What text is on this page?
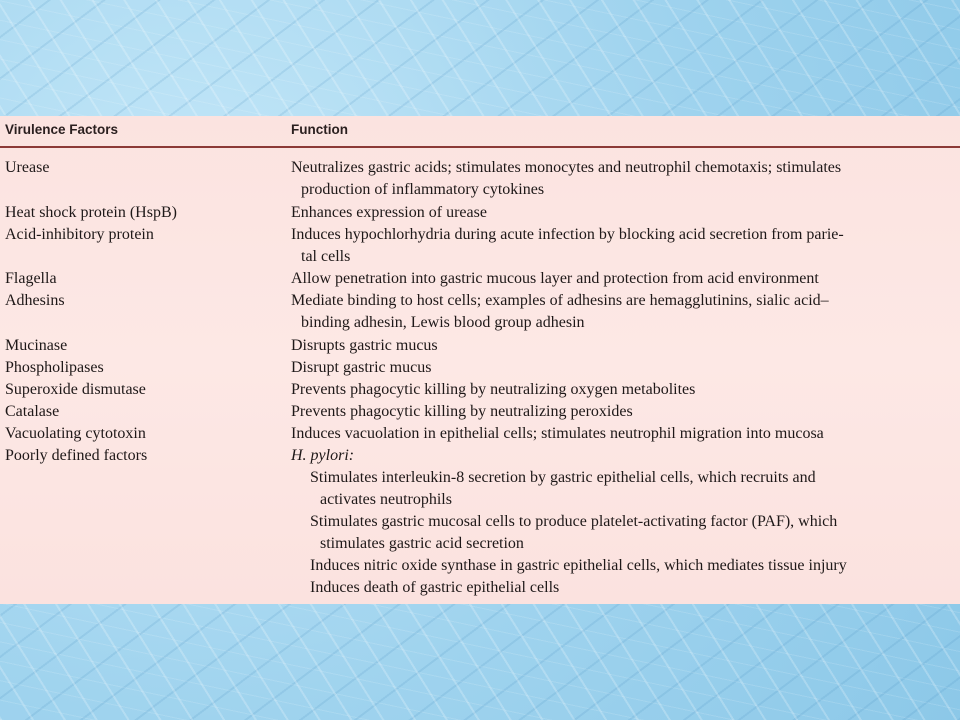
Virulence Factors	Function
Urease	Neutralizes gastric acids; stimulates monocytes and neutrophil chemotaxis; stimulates
production of inflammatory cytokines
Heat shock protein (HspB)	Enhances expression of urease
Acid-inhibitory protein	Induces hypochlorhydria during acute infection by blocking acid secretion from parie-
tal cells
Flagella	Allow penetration into gastric mucous layer and protection from acid environment
Adhesins	Mediate binding to host cells; examples of adhesins are hemagglutinins, sialic acid–
binding adhesin, Lewis blood group adhesin
Mucinase	Disrupts gastric mucus
Phospholipases	Disrupt gastric mucus
Superoxide dismutase	Prevents phagocytic killing by neutralizing oxygen metabolites
Catalase	Prevents phagocytic killing by neutralizing peroxides
Vacuolating cytotoxin	Induces vacuolation in epithelial cells; stimulates neutrophil migration into mucosa
Poorly defined factors	H. pylori:
Stimulates interleukin-8 secretion by gastric epithelial cells, which recruits and
activates neutrophils
Stimulates gastric mucosal cells to produce platelet-activating factor (PAF), which
stimulates gastric acid secretion
Induces nitric oxide synthase in gastric epithelial cells, which mediates tissue injury
Induces death of gastric epithelial cells
